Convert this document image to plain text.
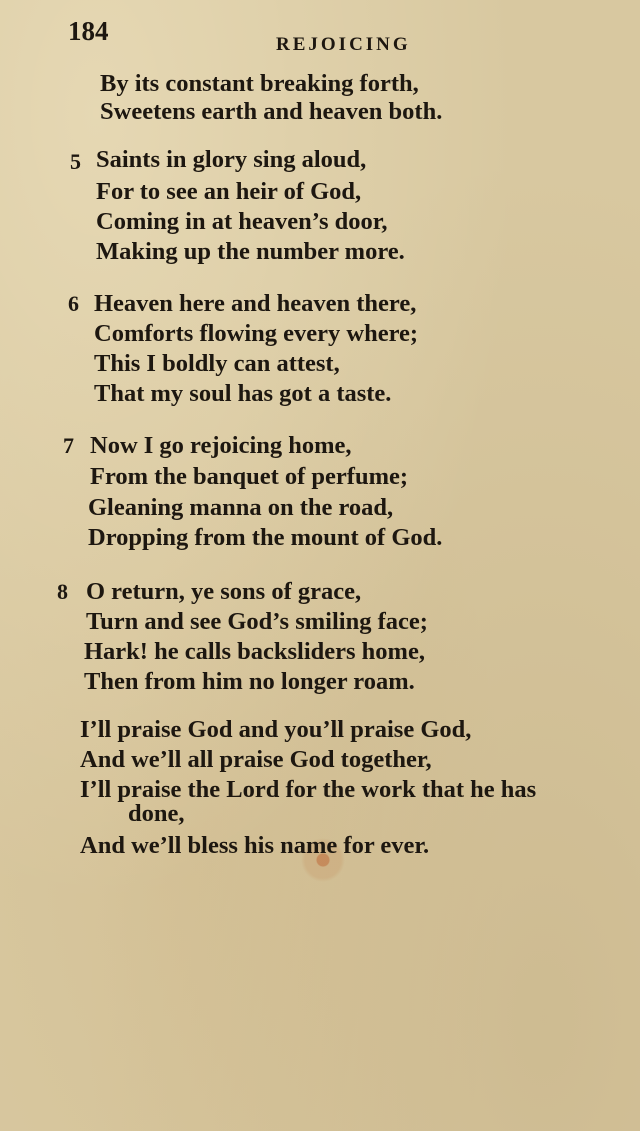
184	REJOICING
By its constant breaking forth,
Sweetens earth and heaven both.
5 Saints in glory sing aloud,
For to see an heir of God,
Coming in at heaven’s door,
Making up the number more.
6 Heaven here and heaven there,
Comforts flowing every where;
This I boldly can attest,
That my soul has got a taste.
7 Now I go rejoicing home,
From the banquet of perfume;
Gleaning manna on the road,
Dropping from the mount of God.
8 O return, ye sons of grace,
Turn and see God’s smiling face;
Hark! he calls backsliders home,
Then from him no longer roam.
I’ll praise God and you’ll praise God,
And we’ll all praise God together,
I’ll praise the Lord for the work that he has
done,
And we’ll bless his name for ever.
